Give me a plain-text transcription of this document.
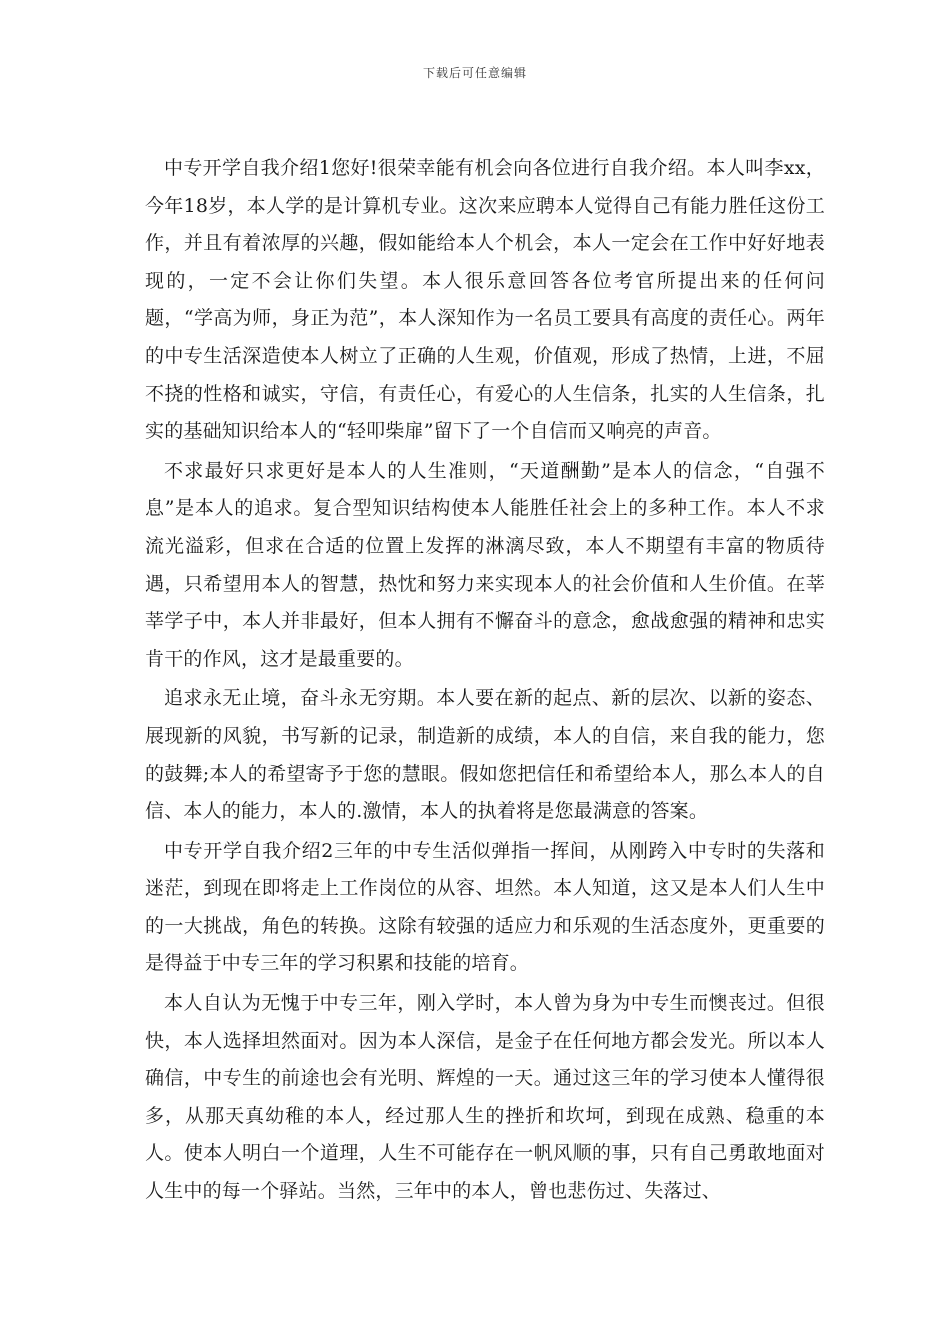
下载后可任意编辑

中专开学自我介绍1您好!很荣幸能有机会向各位进行自我介绍。本人叫李xx，今年18岁，本人学的是计算机专业。这次来应聘本人觉得自己有能力胜任这份工作，并且有着浓厚的兴趣，假如能给本人个机会，本人一定会在工作中好好地表现的，一定不会让你们失望。本人很乐意回答各位考官所提出来的任何问题，“学高为师，身正为范”，本人深知作为一名员工要具有高度的责任心。两年的中专生活深造使本人树立了正确的人生观，价值观，形成了热情，上进，不屈不挠的性格和诚实，守信，有责任心，有爱心的人生信条，扎实的人生信条，扎实的基础知识给本人的“轻叩柴扉”留下了一个自信而又响亮的声音。

不求最好只求更好是本人的人生准则，“天道酬勤”是本人的信念，“自强不息”是本人的追求。复合型知识结构使本人能胜任社会上的多种工作。本人不求流光溢彩，但求在合适的位置上发挥的淋漓尽致，本人不期望有丰富的物质待遇，只希望用本人的智慧，热忱和努力来实现本人的社会价值和人生价值。在莘莘学子中，本人并非最好，但本人拥有不懈奋斗的意念，愈战愈强的精神和忠实肯干的作风，这才是最重要的。

追求永无止境，奋斗永无穷期。本人要在新的起点、新的层次、以新的姿态、展现新的风貌，书写新的记录，制造新的成绩，本人的自信，来自我的能力，您的鼓舞;本人的希望寄予于您的慧眼。假如您把信任和希望给本人，那么本人的自信、本人的能力，本人的.激情，本人的执着将是您最满意的答案。

中专开学自我介绍2三年的中专生活似弹指一挥间，从刚跨入中专时的失落和迷茫，到现在即将走上工作岗位的从容、坦然。本人知道，这又是本人们人生中的一大挑战，角色的转换。这除有较强的适应力和乐观的生活态度外，更重要的是得益于中专三年的学习积累和技能的培育。

本人自认为无愧于中专三年，刚入学时，本人曾为身为中专生而懊丧过。但很快，本人选择坦然面对。因为本人深信，是金子在任何地方都会发光。所以本人确信，中专生的前途也会有光明、辉煌的一天。通过这三年的学习使本人懂得很多，从那天真幼稚的本人，经过那人生的挫折和坎坷，到现在成熟、稳重的本人。使本人明白一个道理，人生不可能存在一帆风顺的事，只有自己勇敢地面对人生中的每一个驿站。当然，三年中的本人，曾也悲伤过、失落过、
